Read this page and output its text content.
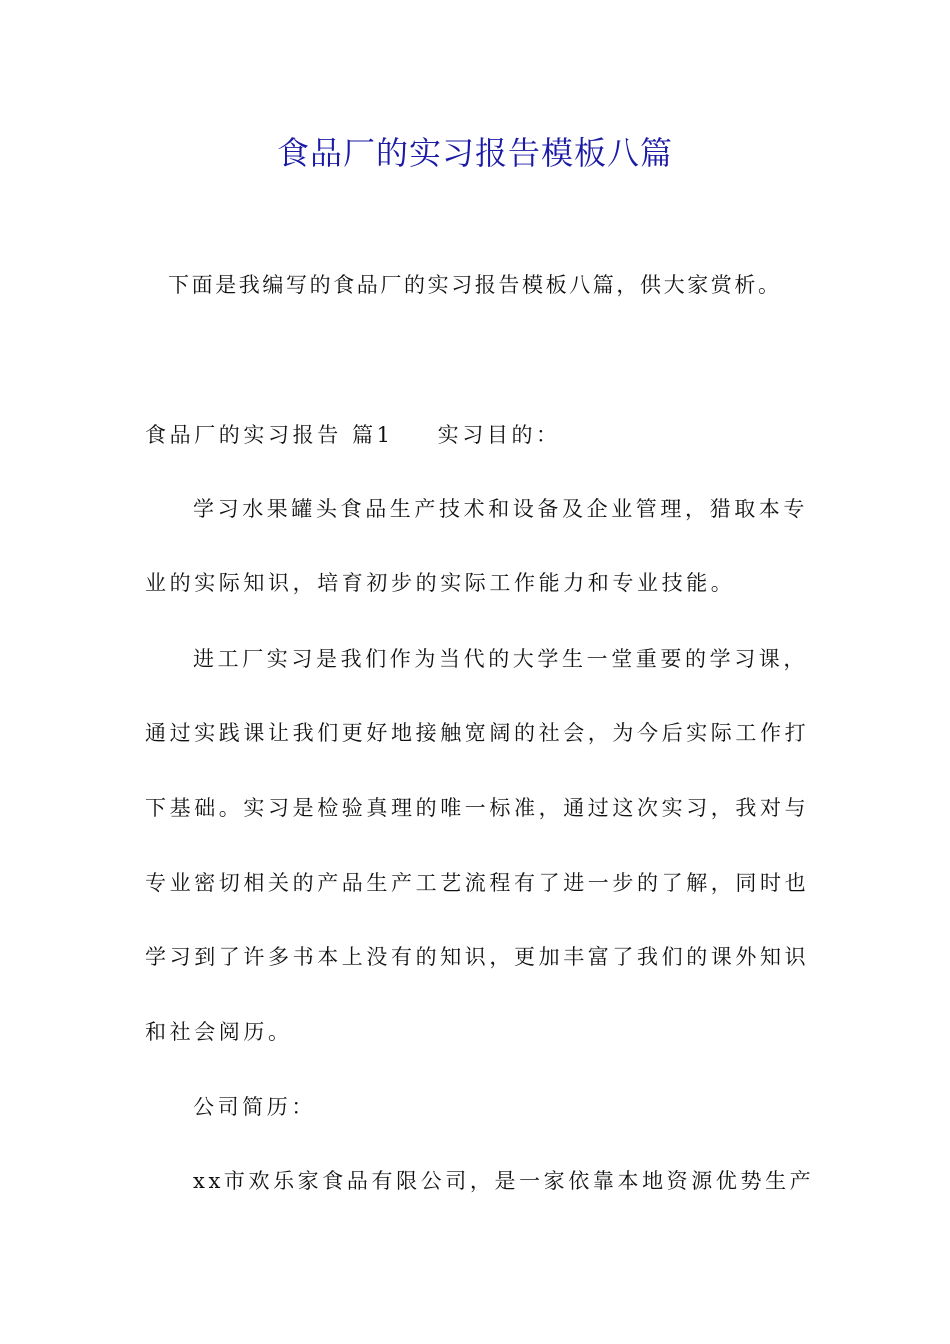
食品厂的实习报告模板八篇

下面是我编写的食品厂的实习报告模板八篇，供大家赏析。

食品厂的实习报告 篇1 实习目的：

学习水果罐头食品生产技术和设备及企业管理，猎取本专

业的实际知识，培育初步的实际工作能力和专业技能。

进工厂实习是我们作为当代的大学生一堂重要的学习课，

通过实践课让我们更好地接触宽阔的社会，为今后实际工作打

下基础。实习是检验真理的唯一标准，通过这次实习，我对与

专业密切相关的产品生产工艺流程有了进一步的了解，同时也

学习到了许多书本上没有的知识，更加丰富了我们的课外知识

和社会阅历。

公司简历：

xx市欢乐家食品有限公司，是一家依靠本地资源优势生产
